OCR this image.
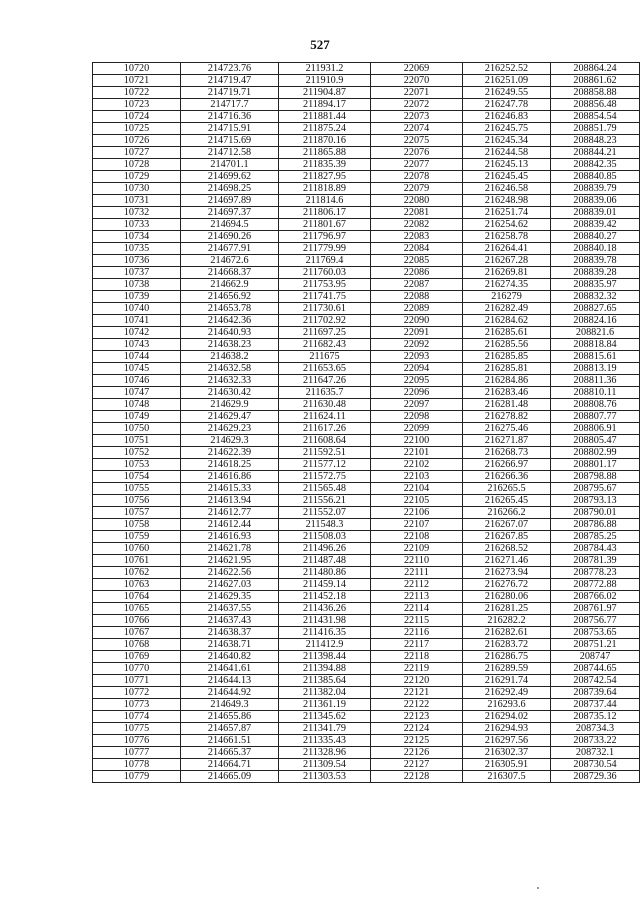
527
10720	214723.76	211931.2	22069	216252.52	208864.24
10721	214719.47	211910.9	22070	216251.09	208861.62
10722	214719.71	211904.87	22071	216249.55	208858.88
10723	214717.7	211894.17	22072	216247.78	208856.48
10724	214716.36	211881.44	22073	216246.83	208854.54
10725	214715.91	211875.24	22074	216245.75	208851.79
10726	214715.69	211870.16	22075	216245.34	208848.23
10727	214712.58	211865.88	22076	216244.58	208844.21
10728	214701.1	211835.39	22077	216245.13	208842.35
10729	214699.62	211827.95	22078	216245.45	208840.85
10730	214698.25	211818.89	22079	216246.58	208839.79
10731	214697.89	211814.6	22080	216248.98	208839.06
10732	214697.37	211806.17	22081	216251.74	208839.01
10733	214694.5	211801.67	22082	216254.62	208839.42
10734	214690.26	211796.97	22083	216258.78	208840.27
10735	214677.91	211779.99	22084	216264.41	208840.18
10736	214672.6	211769.4	22085	216267.28	208839.78
10737	214668.37	211760.03	22086	216269.81	208839.28
10738	214662.9	211753.95	22087	216274.35	208835.97
10739	214656.92	211741.75	22088	216279	208832.32
10740	214653.78	211730.61	22089	216282.49	208827.65
10741	214642.36	211702.92	22090	216284.62	208824.16
10742	214640.93	211697.25	22091	216285.61	208821.6
10743	214638.23	211682.43	22092	216285.56	208818.84
10744	214638.2	211675	22093	216285.85	208815.61
10745	214632.58	211653.65	22094	216285.81	208813.19
10746	214632.33	211647.26	22095	216284.86	208811.36
10747	214630.42	211635.7	22096	216283.46	208810.11
10748	214629.9	211630.48	22097	216281.48	208808.76
10749	214629.47	211624.11	22098	216278.82	208807.77
10750	214629.23	211617.26	22099	216275.46	208806.91
10751	214629.3	211608.64	22100	216271.87	208805.47
10752	214622.39	211592.51	22101	216268.73	208802.99
10753	214618.25	211577.12	22102	216266.97	208801.17
10754	214616.86	211572.75	22103	216266.36	208798.88
10755	214615.33	211565.48	22104	216265.5	208795.67
10756	214613.94	211556.21	22105	216265.45	208793.13
10757	214612.77	211552.07	22106	216266.2	208790.01
10758	214612.44	211548.3	22107	216267.07	208786.88
10759	214616.93	211508.03	22108	216267.85	208785.25
10760	214621.78	211496.26	22109	216268.52	208784.43
10761	214621.95	211487.48	22110	216271.46	208781.39
10762	214622.56	211480.86	22111	216273.94	208778.23
10763	214627.03	211459.14	22112	216276.72	208772.88
10764	214629.35	211452.18	22113	216280.06	208766.02
10765	214637.55	211436.26	22114	216281.25	208761.97
10766	214637.43	211431.98	22115	216282.2	208756.77
10767	214638.37	211416.35	22116	216282.61	208753.65
10768	214638.71	211412.9	22117	216283.72	208751.21
10769	214640.82	211398.44	22118	216286.75	208747
10770	214641.61	211394.88	22119	216289.59	208744.65
10771	214644.13	211385.64	22120	216291.74	208742.54
10772	214644.92	211382.04	22121	216292.49	208739.64
10773	214649.3	211361.19	22122	216293.6	208737.44
10774	214655.86	211345.62	22123	216294.02	208735.12
10775	214657.87	211341.79	22124	216294.93	208734.3
10776	214661.51	211335.43	22125	216297.56	208733.22
10777	214665.37	211328.96	22126	216302.37	208732.1
10778	214664.71	211309.54	22127	216305.91	208730.54
10779	214665.09	211303.53	22128	216307.5	208729.36
